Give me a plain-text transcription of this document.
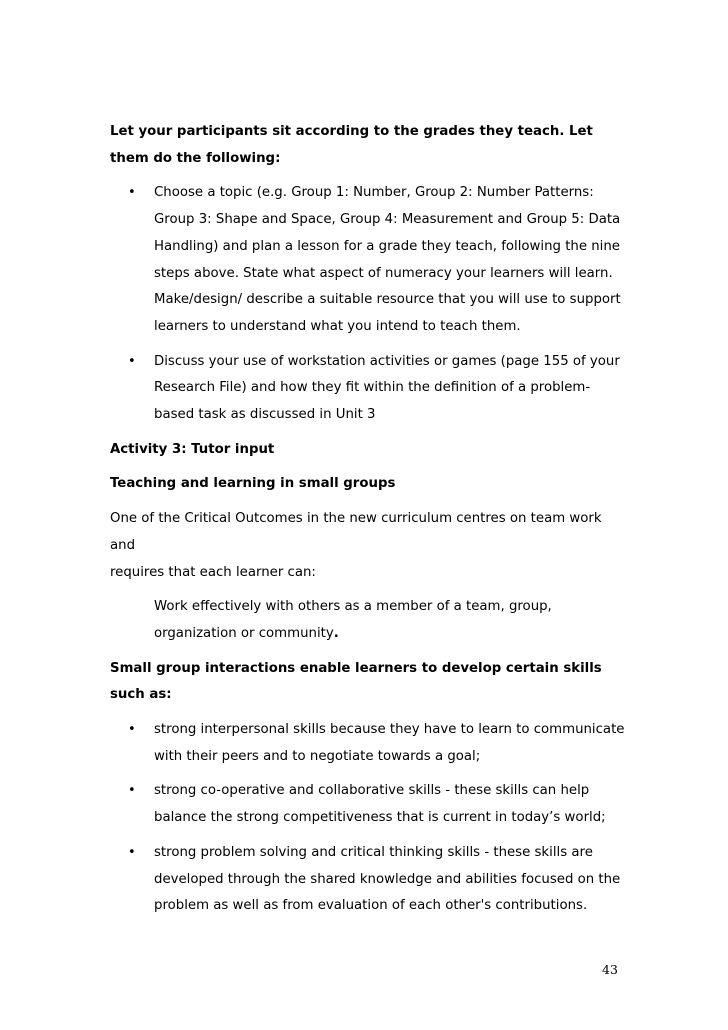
Let your participants sit according to the grades they teach. Let
them do the following:

• Choose a topic (e.g. Group 1: Number, Group 2: Number Patterns:
Group 3: Shape and Space, Group 4: Measurement and Group 5: Data
Handling) and plan a lesson for a grade they teach, following the nine
steps above. State what aspect of numeracy your learners will learn.
Make/design/ describe a suitable resource that you will use to support
learners to understand what you intend to teach them.
• Discuss your use of workstation activities or games (page 155 of your
Research File) and how they fit within the definition of a problem-
based task as discussed in Unit 3

Activity 3: Tutor input

Teaching and learning in small groups

One of the Critical Outcomes in the new curriculum centres on team work and
requires that each learner can:

Work effectively with others as a member of a team, group,
organization or community.

Small group interactions enable learners to develop certain skills
such as:

• strong interpersonal skills because they have to learn to communicate
with their peers and to negotiate towards a goal;
• strong co-operative and collaborative skills - these skills can help
balance the strong competitiveness that is current in today’s world;
• strong problem solving and critical thinking skills - these skills are
developed through the shared knowledge and abilities focused on the
problem as well as from evaluation of each other's contributions.
43
